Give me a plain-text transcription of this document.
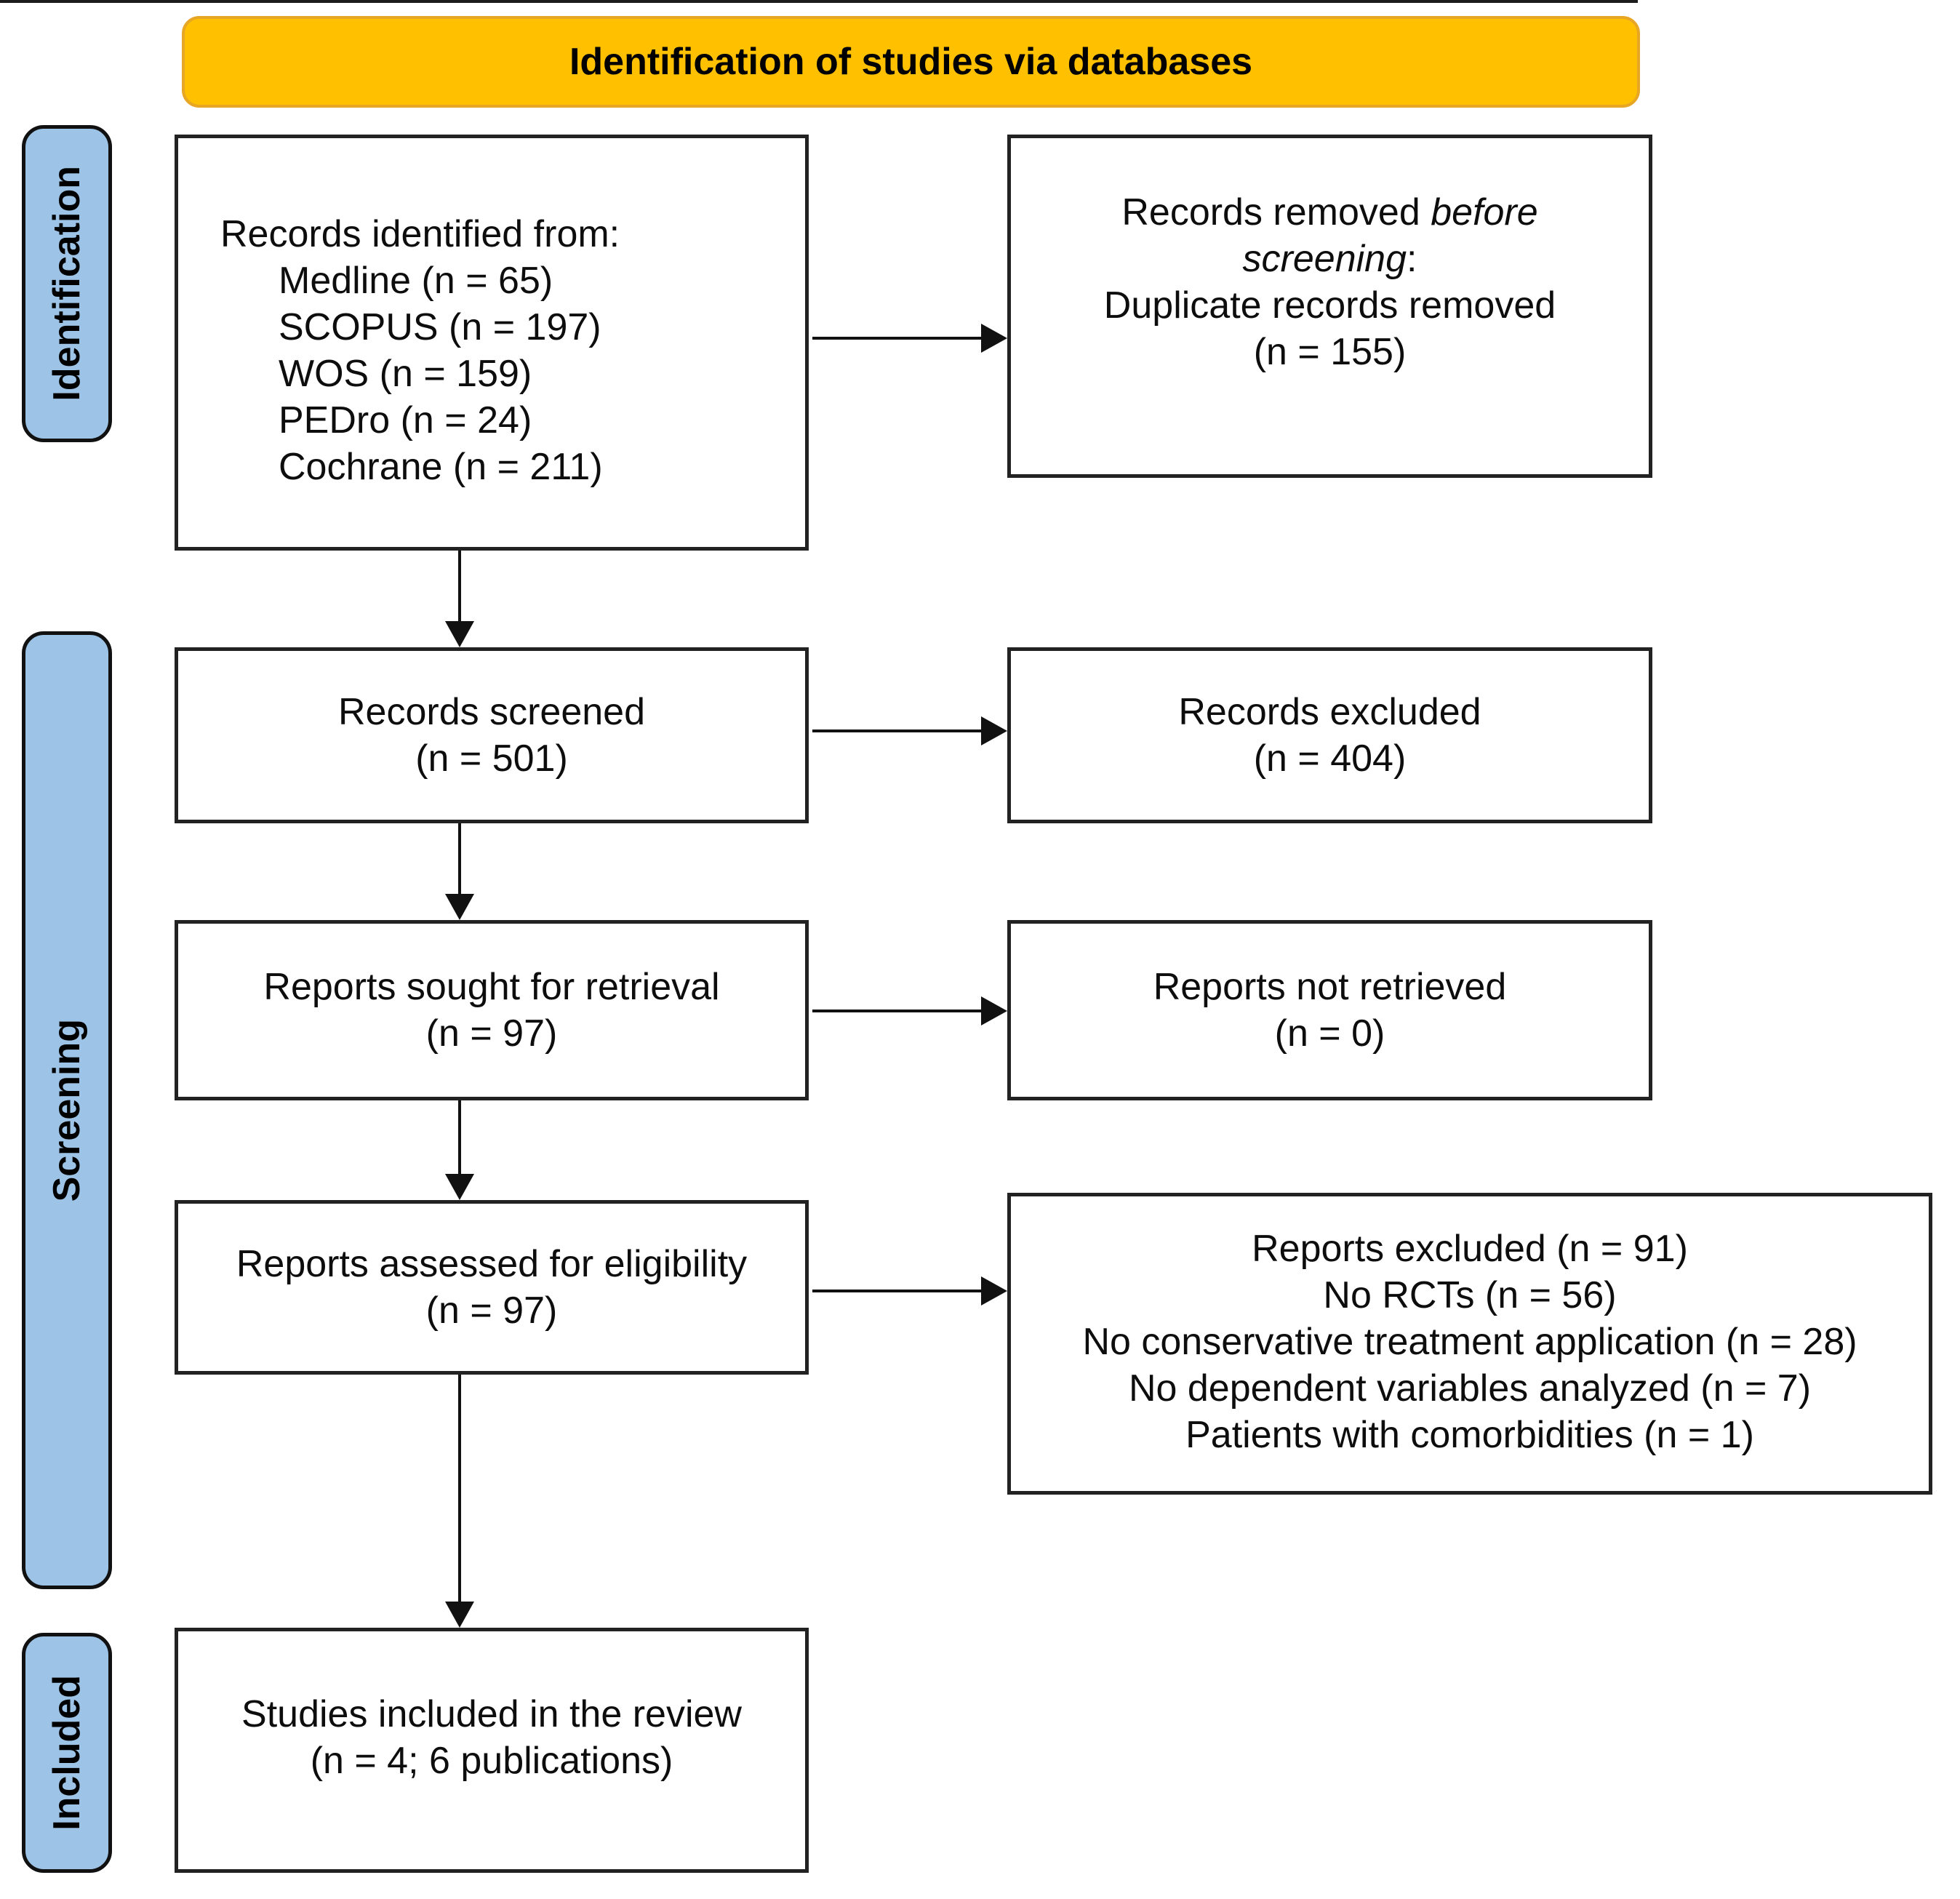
Identification of studies via databases
Identification
Screening
Included
Records identified from:
Medline (n = 65)
SCOPUS (n = 197)
WOS (n = 159)
PEDro (n = 24)
Cochrane (n = 211)
Records removed before
screening:
Duplicate records removed
(n = 155)
Records screened
(n = 501)
Records excluded
(n = 404)
Reports sought for retrieval
(n = 97)
Reports not retrieved
(n = 0)
Reports assessed for eligibility
(n = 97)
Reports excluded (n = 91)
No RCTs (n = 56)
No conservative treatment application (n = 28)
No dependent variables analyzed (n = 7)
Patients with comorbidities (n = 1)
Studies included in the review
(n = 4; 6 publications)
